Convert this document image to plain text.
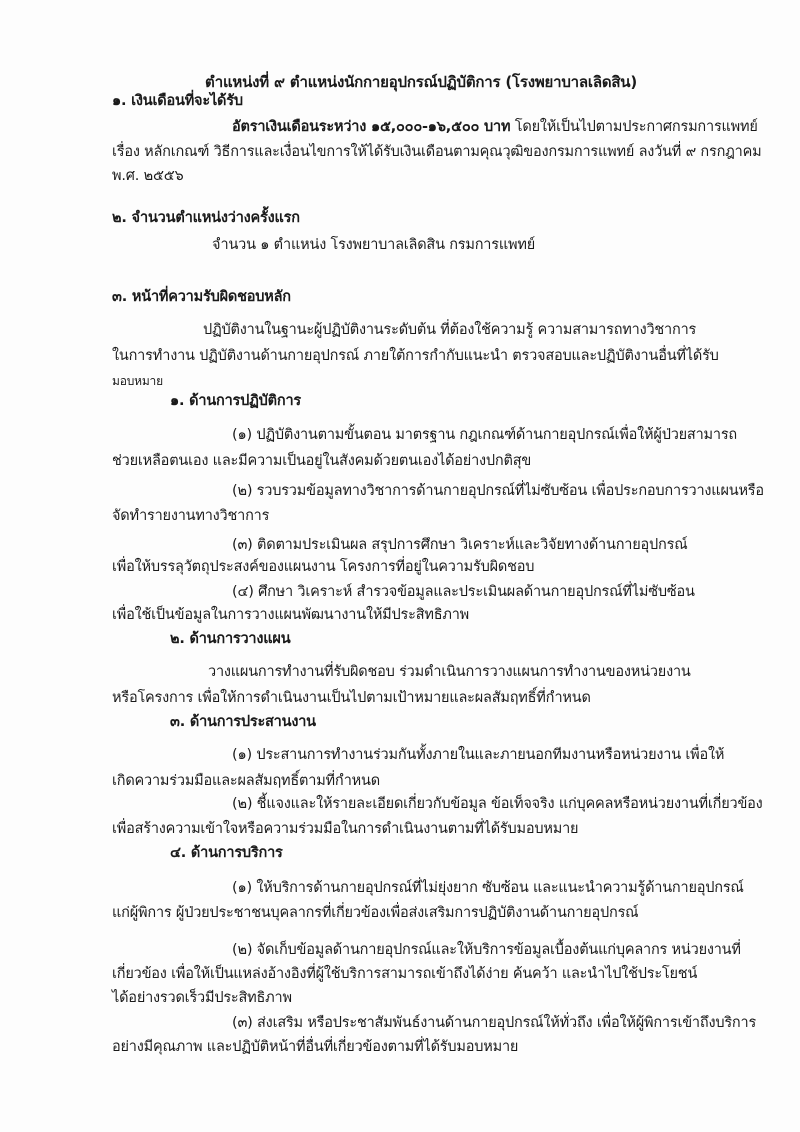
ตำแหน่งที่ ๙ ตำแหน่งนักกายอุปกรณ์ปฏิบัติการ (โรงพยาบาลเลิดสิน)
๑. เงินเดือนที่จะได้รับ
อัตราเงินเดือนระหว่าง ๑๕,๐๐๐-๑๖,๕๐๐ บาท โดยให้เป็นไปตามประกาศกรมการแพทย์
เรื่อง หลักเกณฑ์ วิธีการและเงื่อนไขการให้ได้รับเงินเดือนตามคุณวุฒิของกรมการแพทย์ ลงวันที่ ๙ กรกฎาคม
พ.ศ. ๒๕๕๖
๒. จำนวนตำแหน่งว่างครั้งแรก
จำนวน ๑ ตำแหน่ง โรงพยาบาลเลิดสิน กรมการแพทย์
๓. หน้าที่ความรับผิดชอบหลัก
ปฏิบัติงานในฐานะผู้ปฏิบัติงานระดับต้น ที่ต้องใช้ความรู้ ความสามารถทางวิชาการ
ในการทำงาน ปฏิบัติงานด้านกายอุปกรณ์ ภายใต้การกำกับแนะนำ ตรวจสอบและปฏิบัติงานอื่นที่ได้รับ
มอบหมาย
๑. ด้านการปฏิบัติการ
(๑) ปฏิบัติงานตามขั้นตอน มาตรฐาน กฎเกณฑ์ด้านกายอุปกรณ์เพื่อให้ผู้ป่วยสามารถ
ช่วยเหลือตนเอง และมีความเป็นอยู่ในสังคมด้วยตนเองได้อย่างปกติสุข
(๒) รวบรวมข้อมูลทางวิชาการด้านกายอุปกรณ์ที่ไม่ซับซ้อน เพื่อประกอบการวางแผนหรือ
จัดทำรายงานทางวิชาการ
(๓) ติดตามประเมินผล สรุปการศึกษา วิเคราะห์และวิจัยทางด้านกายอุปกรณ์
เพื่อให้บรรลุวัตถุประสงค์ของแผนงาน โครงการที่อยู่ในความรับผิดชอบ
(๔) ศึกษา วิเคราะห์ สำรวจข้อมูลและประเมินผลด้านกายอุปกรณ์ที่ไม่ซับซ้อน
เพื่อใช้เป็นข้อมูลในการวางแผนพัฒนางานให้มีประสิทธิภาพ
๒. ด้านการวางแผน
วางแผนการทำงานที่รับผิดชอบ ร่วมดำเนินการวางแผนการทำงานของหน่วยงาน
หรือโครงการ เพื่อให้การดำเนินงานเป็นไปตามเป้าหมายและผลสัมฤทธิ์ที่กำหนด
๓. ด้านการประสานงาน
(๑) ประสานการทำงานร่วมกันทั้งภายในและภายนอกทีมงานหรือหน่วยงาน เพื่อให้
เกิดความร่วมมือและผลสัมฤทธิ์ตามที่กำหนด
(๒) ชี้แจงและให้รายละเอียดเกี่ยวกับข้อมูล ข้อเท็จจริง แก่บุคคลหรือหน่วยงานที่เกี่ยวข้อง
เพื่อสร้างความเข้าใจหรือความร่วมมือในการดำเนินงานตามที่ได้รับมอบหมาย
๔. ด้านการบริการ
(๑) ให้บริการด้านกายอุปกรณ์ที่ไม่ยุ่งยาก ซับซ้อน และแนะนำความรู้ด้านกายอุปกรณ์
แก่ผู้พิการ ผู้ป่วยประชาชนบุคลากรที่เกี่ยวข้องเพื่อส่งเสริมการปฏิบัติงานด้านกายอุปกรณ์
(๒) จัดเก็บข้อมูลด้านกายอุปกรณ์และให้บริการข้อมูลเบื้องต้นแก่บุคลากร หน่วยงานที่
เกี่ยวข้อง เพื่อให้เป็นแหล่งอ้างอิงที่ผู้ใช้บริการสามารถเข้าถึงได้ง่าย ค้นคว้า และนำไปใช้ประโยชน์
ได้อย่างรวดเร็วมีประสิทธิภาพ
(๓) ส่งเสริม หรือประชาสัมพันธ์งานด้านกายอุปกรณ์ให้ทั่วถึง เพื่อให้ผู้พิการเข้าถึงบริการ
อย่างมีคุณภาพ และปฏิบัติหน้าที่อื่นที่เกี่ยวข้องตามที่ได้รับมอบหมาย
